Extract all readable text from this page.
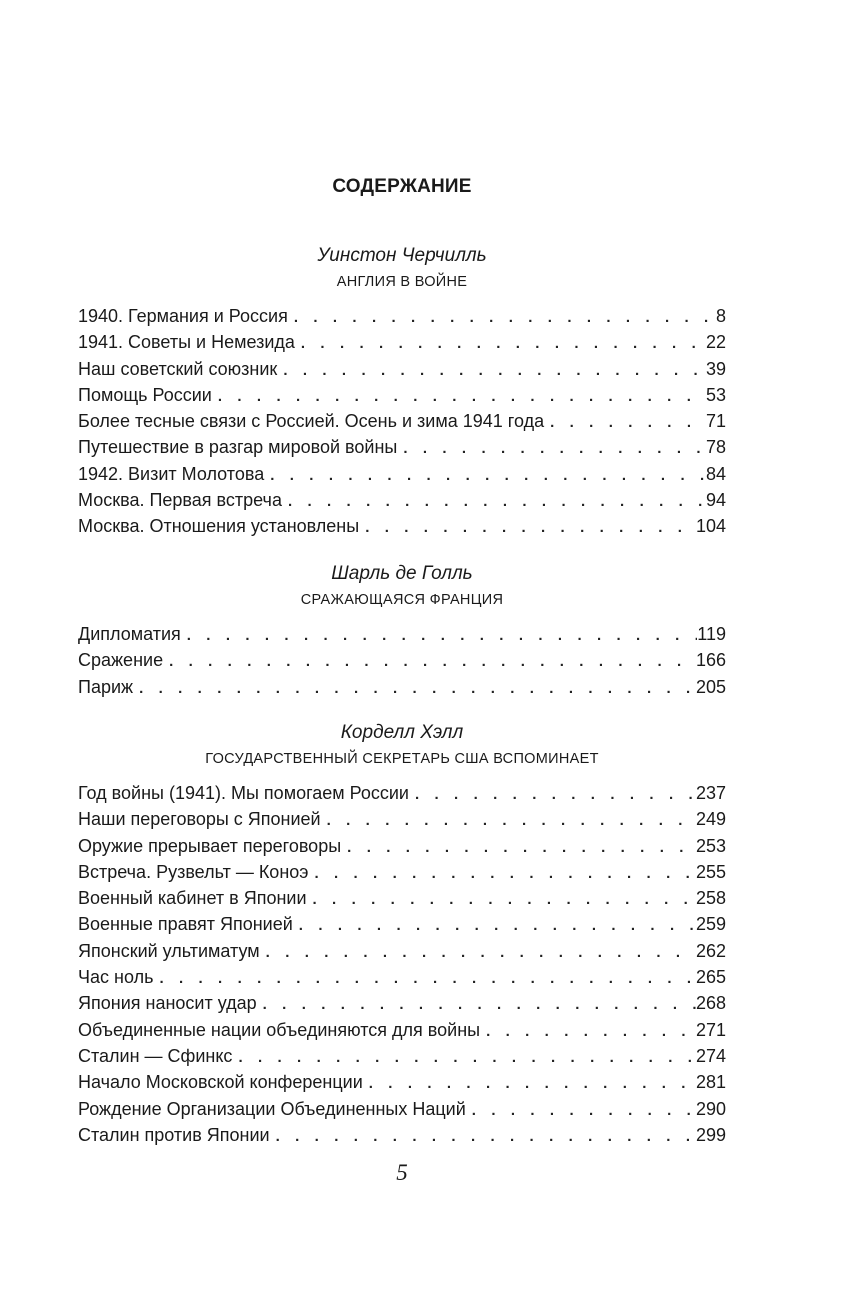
СОДЕРЖАНИЕ
Уинстон Черчилль
АНГЛИЯ В ВОЙНЕ
1940. Германия и Россия . . .	8
1941. Советы и Немезида . . .	22
Наш советский союзник . . .	39
Помощь России . . .	53
Более тесные связи с Россией. Осень и зима 1941 года . . .	71
Путешествие в разгар мировой войны . . .	78
1942. Визит Молотова . . .	84
Москва. Первая встреча . . .	94
Москва. Отношения установлены . . .	104
Шарль де Голль
СРАЖАЮЩАЯСЯ ФРАНЦИЯ
Дипломатия . . .	119
Сражение . . .	166
Париж . . .	205
Корделл Хэлл
ГОСУДАРСТВЕННЫЙ СЕКРЕТАРЬ США ВСПОМИНАЕТ
Год войны (1941). Мы помогаем России . . .	237
Наши переговоры с Японией . . .	249
Оружие прерывает переговоры . . .	253
Встреча. Рузвельт — Коноэ . . .	255
Военный кабинет в Японии . . .	258
Военные правят Японией . . .	259
Японский ультиматум . . .	262
Час ноль . . .	265
Япония наносит удар . . .	268
Объединенные нации объединяются для войны . . .	271
Сталин — Сфинкс . . .	274
Начало Московской конференции . . .	281
Рождение Организации Объединенных Наций . . .	290
Сталин против Японии . . .	299
5
